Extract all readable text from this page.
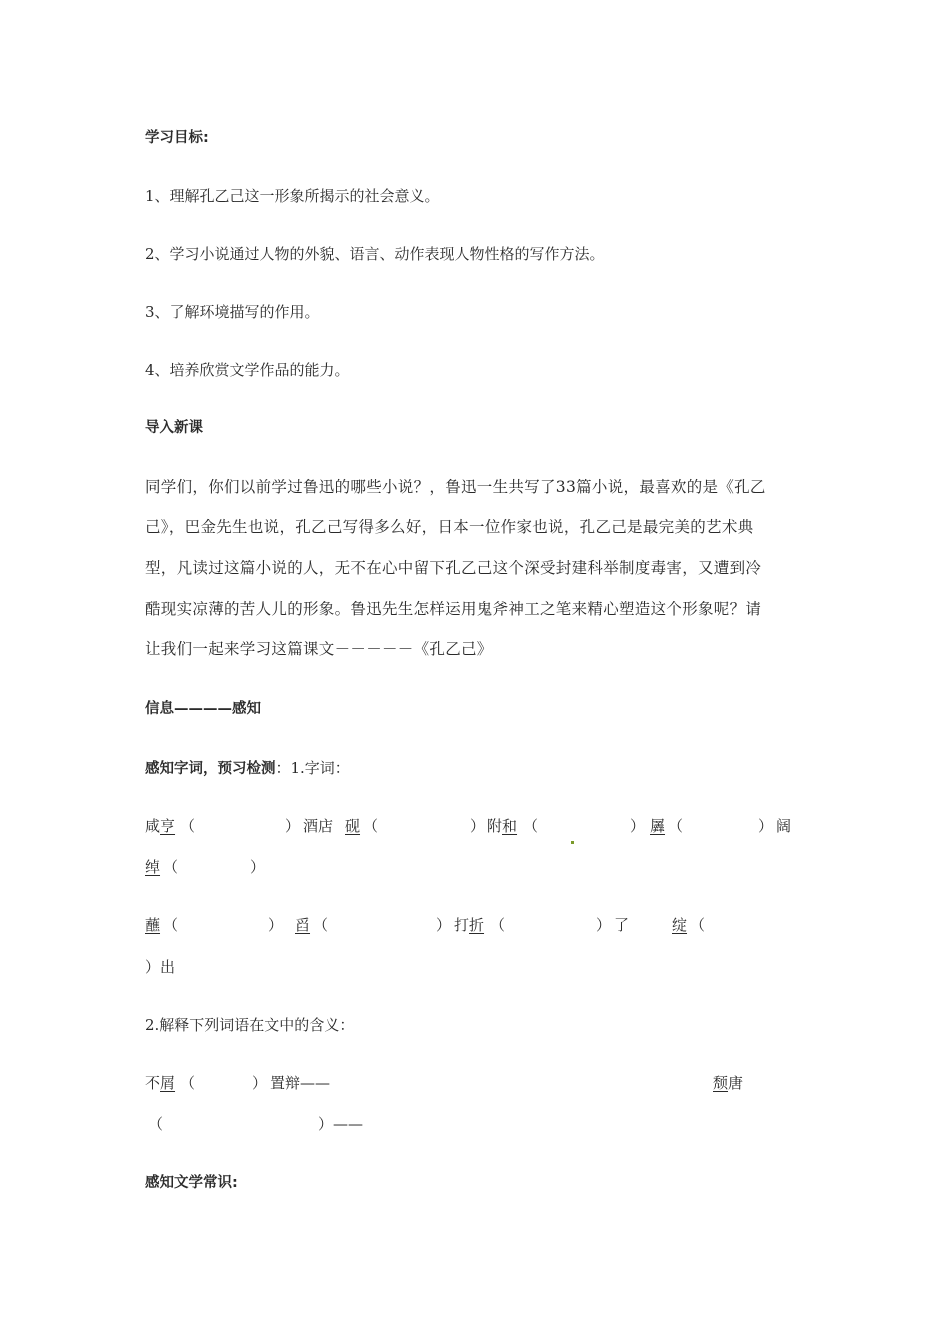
学习目标:
1、理解孔乙己这一形象所揭示的社会意义。
2、学习小说通过人物的外貌、语言、动作表现人物性格的写作方法。
3、了解环境描写的作用。
4、培养欣赏文学作品的能力。
导入新课
同学们，你们以前学过鲁迅的哪些小说？，鲁迅一生共写了33篇小说，最喜欢的是《孔乙
己》，巴金先生也说，孔乙己写得多么好，日本一位作家也说，孔乙己是最完美的艺术典
型，凡读过这篇小说的人，无不在心中留下孔乙己这个深受封建科举制度毒害，又遭到冷
酷现实凉薄的苦人儿的形象。鲁迅先生怎样运用鬼斧神工之笔来精心塑造这个形象呢？请
让我们一起来学习这篇课文－－－－－《孔乙己》
信息————感知
感知字词，预习检测：1.字词：
咸亨 （	） 酒店 砚 （	） 附和 （	） 羼 （	） 阔
绰 （	）
蘸 （	） 舀 （	） 打折 （	） 了	绽 （
）出
2.解释下列词语在文中的含义：
不屑 （	） 置辩——	颓唐
（	）——
感知文学常识:
